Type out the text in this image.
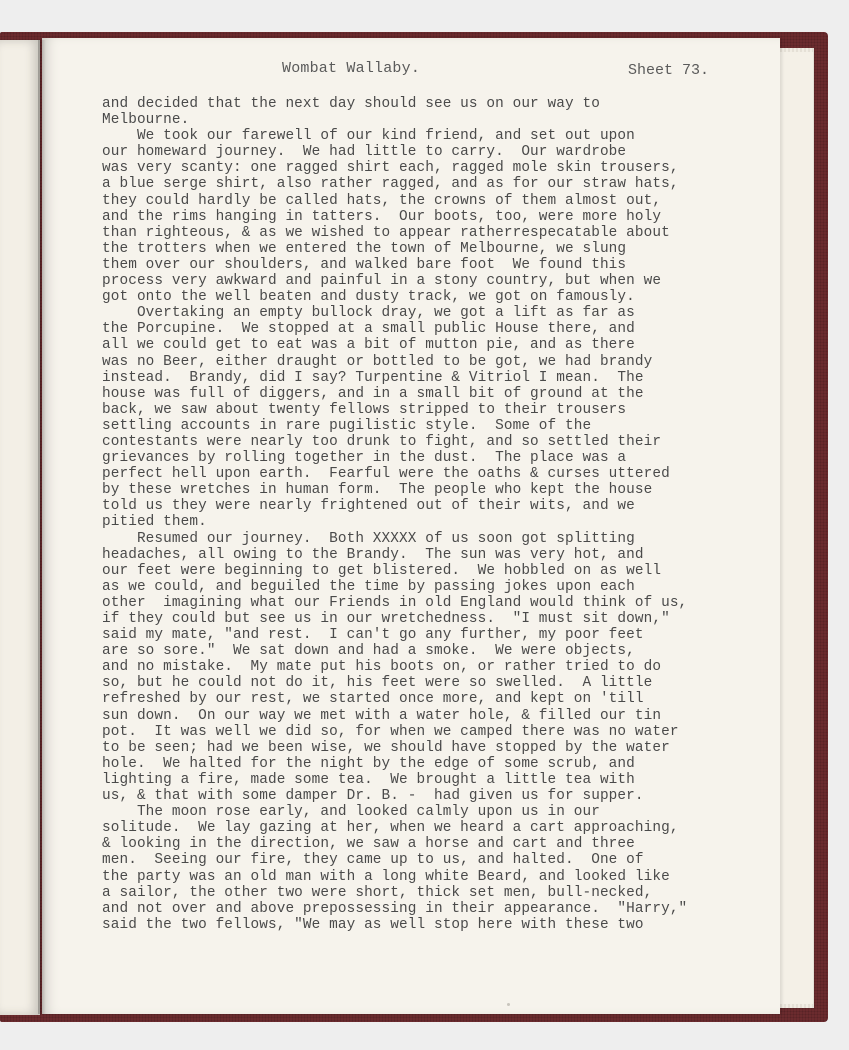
Wombat Wallaby.	Sheet 73.
and decided that the next day should see us on our way to
Melbourne.
We took our farewell of our kind friend, and set out upon
our homeward journey.  We had little to carry.  Our wardrobe
was very scanty: one ragged shirt each, ragged mole skin trousers,
a blue serge shirt, also rather ragged, and as for our straw hats,
they could hardly be called hats, the crowns of them almost out,
and the rims hanging in tatters.  Our boots, too, were more holy
than righteous, & as we wished to appear ratherrespecatable about
the trotters when we entered the town of Melbourne, we slung
them over our shoulders, and walked bare foot  We found this
process very awkward and painful in a stony country, but when we
got onto the well beaten and dusty track, we got on famously.
Overtaking an empty bullock dray, we got a lift as far as
the Porcupine.  We stopped at a small public House there, and
all we could get to eat was a bit of mutton pie, and as there
was no Beer, either draught or bottled to be got, we had brandy
instead.  Brandy, did I say? Turpentine & Vitriol I mean.  The
house was full of diggers, and in a small bit of ground at the
back, we saw about twenty fellows stripped to their trousers
settling accounts in rare pugilistic style.  Some of the
contestants were nearly too drunk to fight, and so settled their
grievances by rolling together in the dust.  The place was a
perfect hell upon earth.  Fearful were the oaths & curses uttered
by these wretches in human form.  The people who kept the house
told us they were nearly frightened out of their wits, and we
pitied them.
Resumed our journey.  Both XXXXX of us soon got splitting
headaches, all owing to the Brandy.  The sun was very hot, and
our feet were beginning to get blistered.  We hobbled on as well
as we could, and beguiled the time by passing jokes upon each
other  imagining what our Friends in old England would think of us,
if they could but see us in our wretchedness.  "I must sit down,"
said my mate, "and rest.  I can't go any further, my poor feet
are so sore."  We sat down and had a smoke.  We were objects,
and no mistake.  My mate put his boots on, or rather tried to do
so, but he could not do it, his feet were so swelled.  A little
refreshed by our rest, we started once more, and kept on 'till
sun down.  On our way we met with a water hole, & filled our tin
pot.  It was well we did so, for when we camped there was no water
to be seen; had we been wise, we should have stopped by the water
hole.  We halted for the night by the edge of some scrub, and
lighting a fire, made some tea.  We brought a little tea with
us, & that with some damper Dr. B. -  had given us for supper.
The moon rose early, and looked calmly upon us in our
solitude.  We lay gazing at her, when we heard a cart approaching,
& looking in the direction, we saw a horse and cart and three
men.  Seeing our fire, they came up to us, and halted.  One of
the party was an old man with a long white Beard, and looked like
a sailor, the other two were short, thick set men, bull-necked,
and not over and above prepossessing in their appearance.  "Harry,"
said the two fellows, "We may as well stop here with these two
